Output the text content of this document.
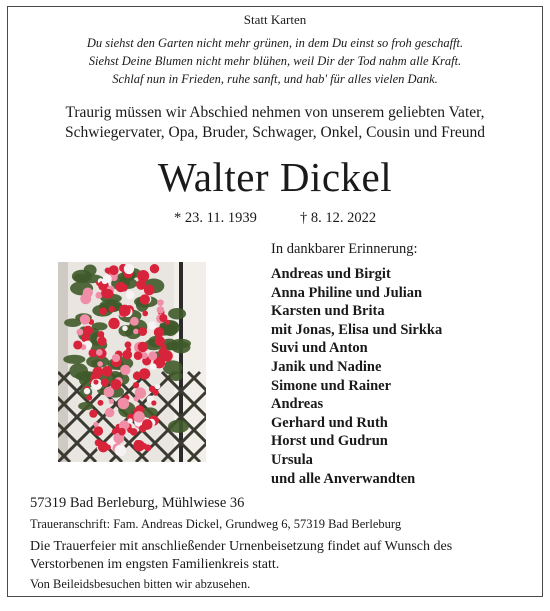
Statt Karten
Du siehst den Garten nicht mehr grünen, in dem Du einst so froh geschafft.
Siehst Deine Blumen nicht mehr blühen, weil Dir der Tod nahm alle Kraft.
Schlaf nun in Frieden, ruhe sanft, und hab' für alles vielen Dank.
Traurig müssen wir Abschied nehmen von unserem geliebten Vater,
Schwiegervater, Opa, Bruder, Schwager, Onkel, Cousin und Freund
Walter Dickel
* 23. 11. 1939	† 8. 12. 2022
In dankbarer Erinnerung:
Andreas und Birgit
Anna Philine und Julian
Karsten und Brita
mit Jonas, Elisa und Sirkka
Suvi und Anton
Janik und Nadine
Simone und Rainer
Andreas
Gerhard und Ruth
Horst und Gudrun
Ursula
und alle Anverwandten
57319 Bad Berleburg, Mühlwiese 36
Traueranschrift: Fam. Andreas Dickel, Grundweg 6, 57319 Bad Berleburg
Die Trauerfeier mit anschließender Urnenbeisetzung findet auf Wunsch des
Verstorbenen im engsten Familienkreis statt.
Von Beileidsbesuchen bitten wir abzusehen.
